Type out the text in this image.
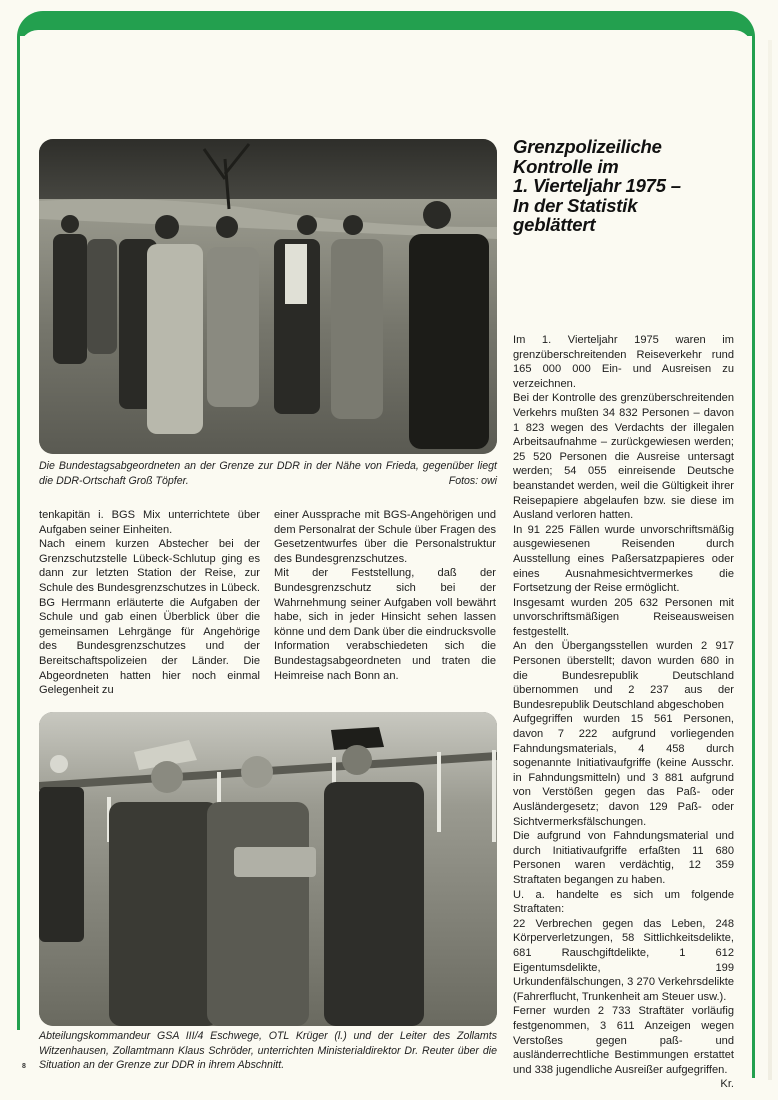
Die Bundestagsabgeordneten an der Grenze zur DDR in der Nähe von Frieda, gegenüber liegt die DDR-Ortschaft Groß Töpfer.	Fotos: owi
Grenzpolizeiliche
Kontrolle im
1. Vierteljahr 1975 –
In der Statistik
geblättert

tenkapitän i. BGS Mix unterrichtete über Aufgaben seiner Einheiten.

Nach einem kurzen Abstecher bei der Grenzschutzstelle Lübeck-Schlutup ging es dann zur letzten Station der Reise, zur Schule des Bundesgrenzschutzes in Lübeck. BG Herrmann erläuterte die Aufgaben der Schule und gab einen Überblick über die gemeinsamen Lehrgänge für Angehörige des Bundesgrenzschutzes und der Bereitschaftspolizeien der Länder. Die Abgeordneten hatten hier noch einmal Gelegenheit zu

einer Aussprache mit BGS-Angehörigen und dem Personalrat der Schule über Fragen des Gesetzentwurfes über die Personalstruktur des Bundesgrenzschutzes.

Mit der Feststellung, daß der Bundesgrenzschutz sich bei der Wahrnehmung seiner Aufgaben voll bewährt habe, sich in jeder Hinsicht sehen lassen könne und dem Dank über die eindrucksvolle Information verabschiedeten sich die Bundestagsabgeordneten und traten die Heimreise nach Bonn an.

Im 1. Vierteljahr 1975 waren im grenzüberschreitenden Reiseverkehr rund 165 000 000 Ein- und Ausreisen zu verzeichnen.

Bei der Kontrolle des grenzüberschreitenden Verkehrs mußten 34 832 Personen – davon 1 823 wegen des Verdachts der illegalen Arbeitsaufnahme – zurückgewiesen werden; 25 520 Personen die Ausreise untersagt werden; 54 055 einreisende Deutsche beanstandet werden, weil die Gültigkeit ihrer Reisepapiere abgelaufen bzw. sie diese im Ausland verloren hatten.

In 91 225 Fällen wurde unvorschriftsmäßig ausgewiesenen Reisenden durch Ausstellung eines Paßersatzpapieres oder eines Ausnahmesichtvermerkes die Fortsetzung der Reise ermöglicht.

Insgesamt wurden 205 632 Personen mit unvorschriftsmäßigen Reiseausweisen festgestellt.

An den Übergangsstellen wurden 2 917 Personen überstellt; davon wurden 680 in die Bundesrepublik Deutschland übernommen und 2 237 aus der Bundesrepublik Deutschland abgeschoben

Aufgegriffen wurden 15 561 Personen, davon 7 222 aufgrund vorliegenden Fahndungsmaterials, 4 458 durch sogenannte Initiativaufgriffe (keine Ausschr. in Fahndungsmitteln) und 3 881 aufgrund von Verstößen gegen das Paß- oder Ausländergesetz; davon 129 Paß- oder Sichtvermerksfälschungen.

Die aufgrund von Fahndungsmaterial und durch Initiativaufgriffe erfaßten 11 680 Personen waren verdächtig, 12 359 Straftaten begangen zu haben.

U. a. handelte es sich um folgende Straftaten:

22 Verbrechen gegen das Leben, 248 Körperverletzungen, 58 Sittlichkeitsdelikte, 681 Rauschgiftdelikte, 1 612 Eigentumsdelikte, 199 Urkundenfälschungen, 3 270 Verkehrsdelikte (Fahrerflucht, Trunkenheit am Steuer usw.).

Ferner wurden 2 733 Straftäter vorläufig festgenommen, 3 611 Anzeigen wegen Verstoßes gegen paß- und ausländerrechtliche Bestimmungen erstattet und 338 jugendliche Ausreißer aufgegriffen.

Kr.

Abteilungskommandeur GSA III/4 Eschwege, OTL Krüger (l.) und der Leiter des Zollamts Witzenhausen, Zollamtmann Klaus Schröder, unterrichten Ministerialdirektor Dr. Reuter über die Situation an der Grenze zur DDR in ihrem Abschnitt.
8
